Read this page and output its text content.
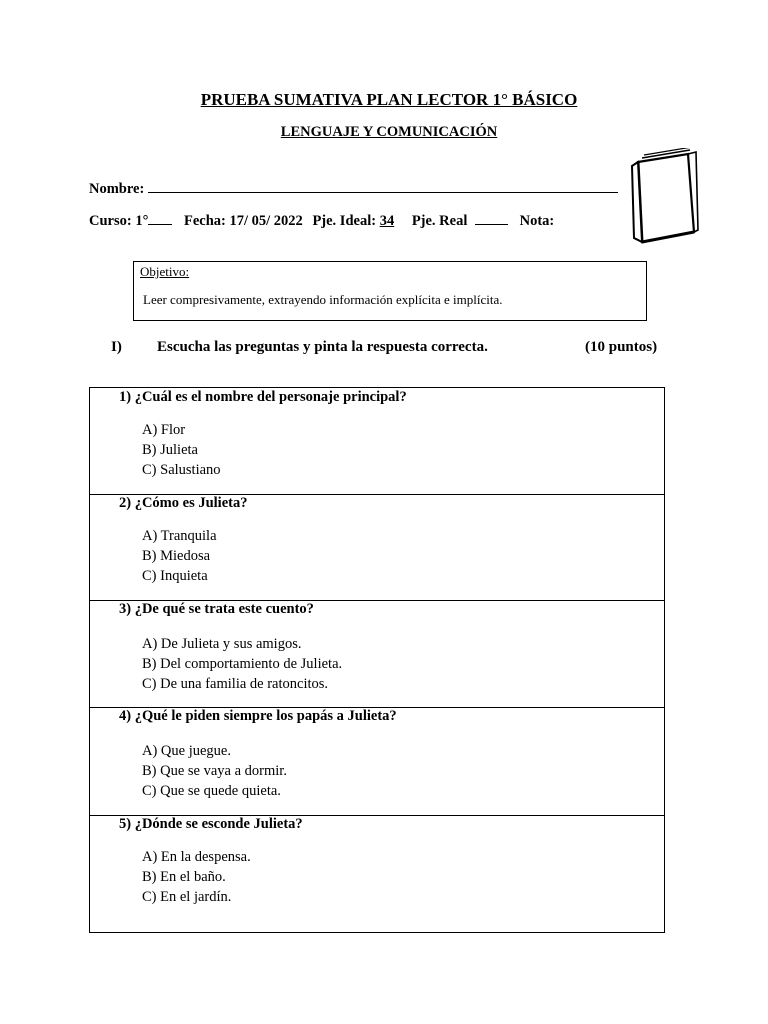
PRUEBA SUMATIVA PLAN LECTOR 1° BÁSICO
LENGUAJE Y COMUNICACIÓN
Nombre:
Curso: 1° Fecha: 17/ 05/ 2022 Pje. Ideal: 34 Pje. Real	Nota:
Objetivo:
Leer compresivamente, extrayendo información explícita e implícita.
I) Escucha las preguntas y pinta la respuesta correcta.	(10 puntos)
1) ¿Cuál es el nombre del personaje principal?
A) Flor
B) Julieta
C) Salustiano
2) ¿Cómo es Julieta?
A) Tranquila
B) Miedosa
C) Inquieta
3) ¿De qué se trata este cuento?
A) De Julieta y sus amigos.
B) Del comportamiento de Julieta.
C) De una familia de ratoncitos.
4) ¿Qué le piden siempre los papás a Julieta?
A) Que juegue.
B) Que se vaya a dormir.
C) Que se quede quieta.
5) ¿Dónde se esconde Julieta?
A) En la despensa.
B) En el baño.
C) En el jardín.
